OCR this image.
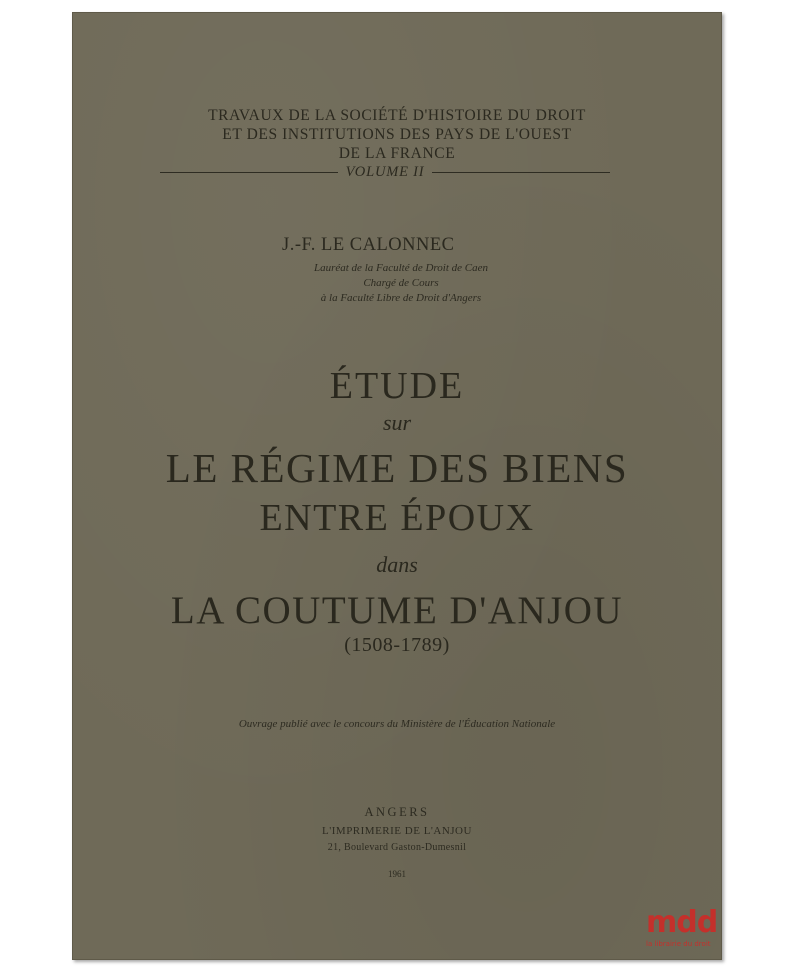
TRAVAUX DE LA SOCIÉTÉ D'HISTOIRE DU DROIT
ET DES INSTITUTIONS DES PAYS DE L'OUEST
DE LA FRANCE
VOLUME II
J.-F. LE CALONNEC
Lauréat de la Faculté de Droit de Caen
Chargé de Cours
à la Faculté Libre de Droit d'Angers
ÉTUDE
sur
LE RÉGIME DES BIENS
ENTRE ÉPOUX
dans
LA COUTUME D'ANJOU
(1508-1789)
Ouvrage publié avec le concours du Ministère de l'Éducation Nationale
ANGERS
L'IMPRIMERIE DE L'ANJOU
21, Boulevard Gaston-Dumesnil
1961
mdd
la librairie du droit
